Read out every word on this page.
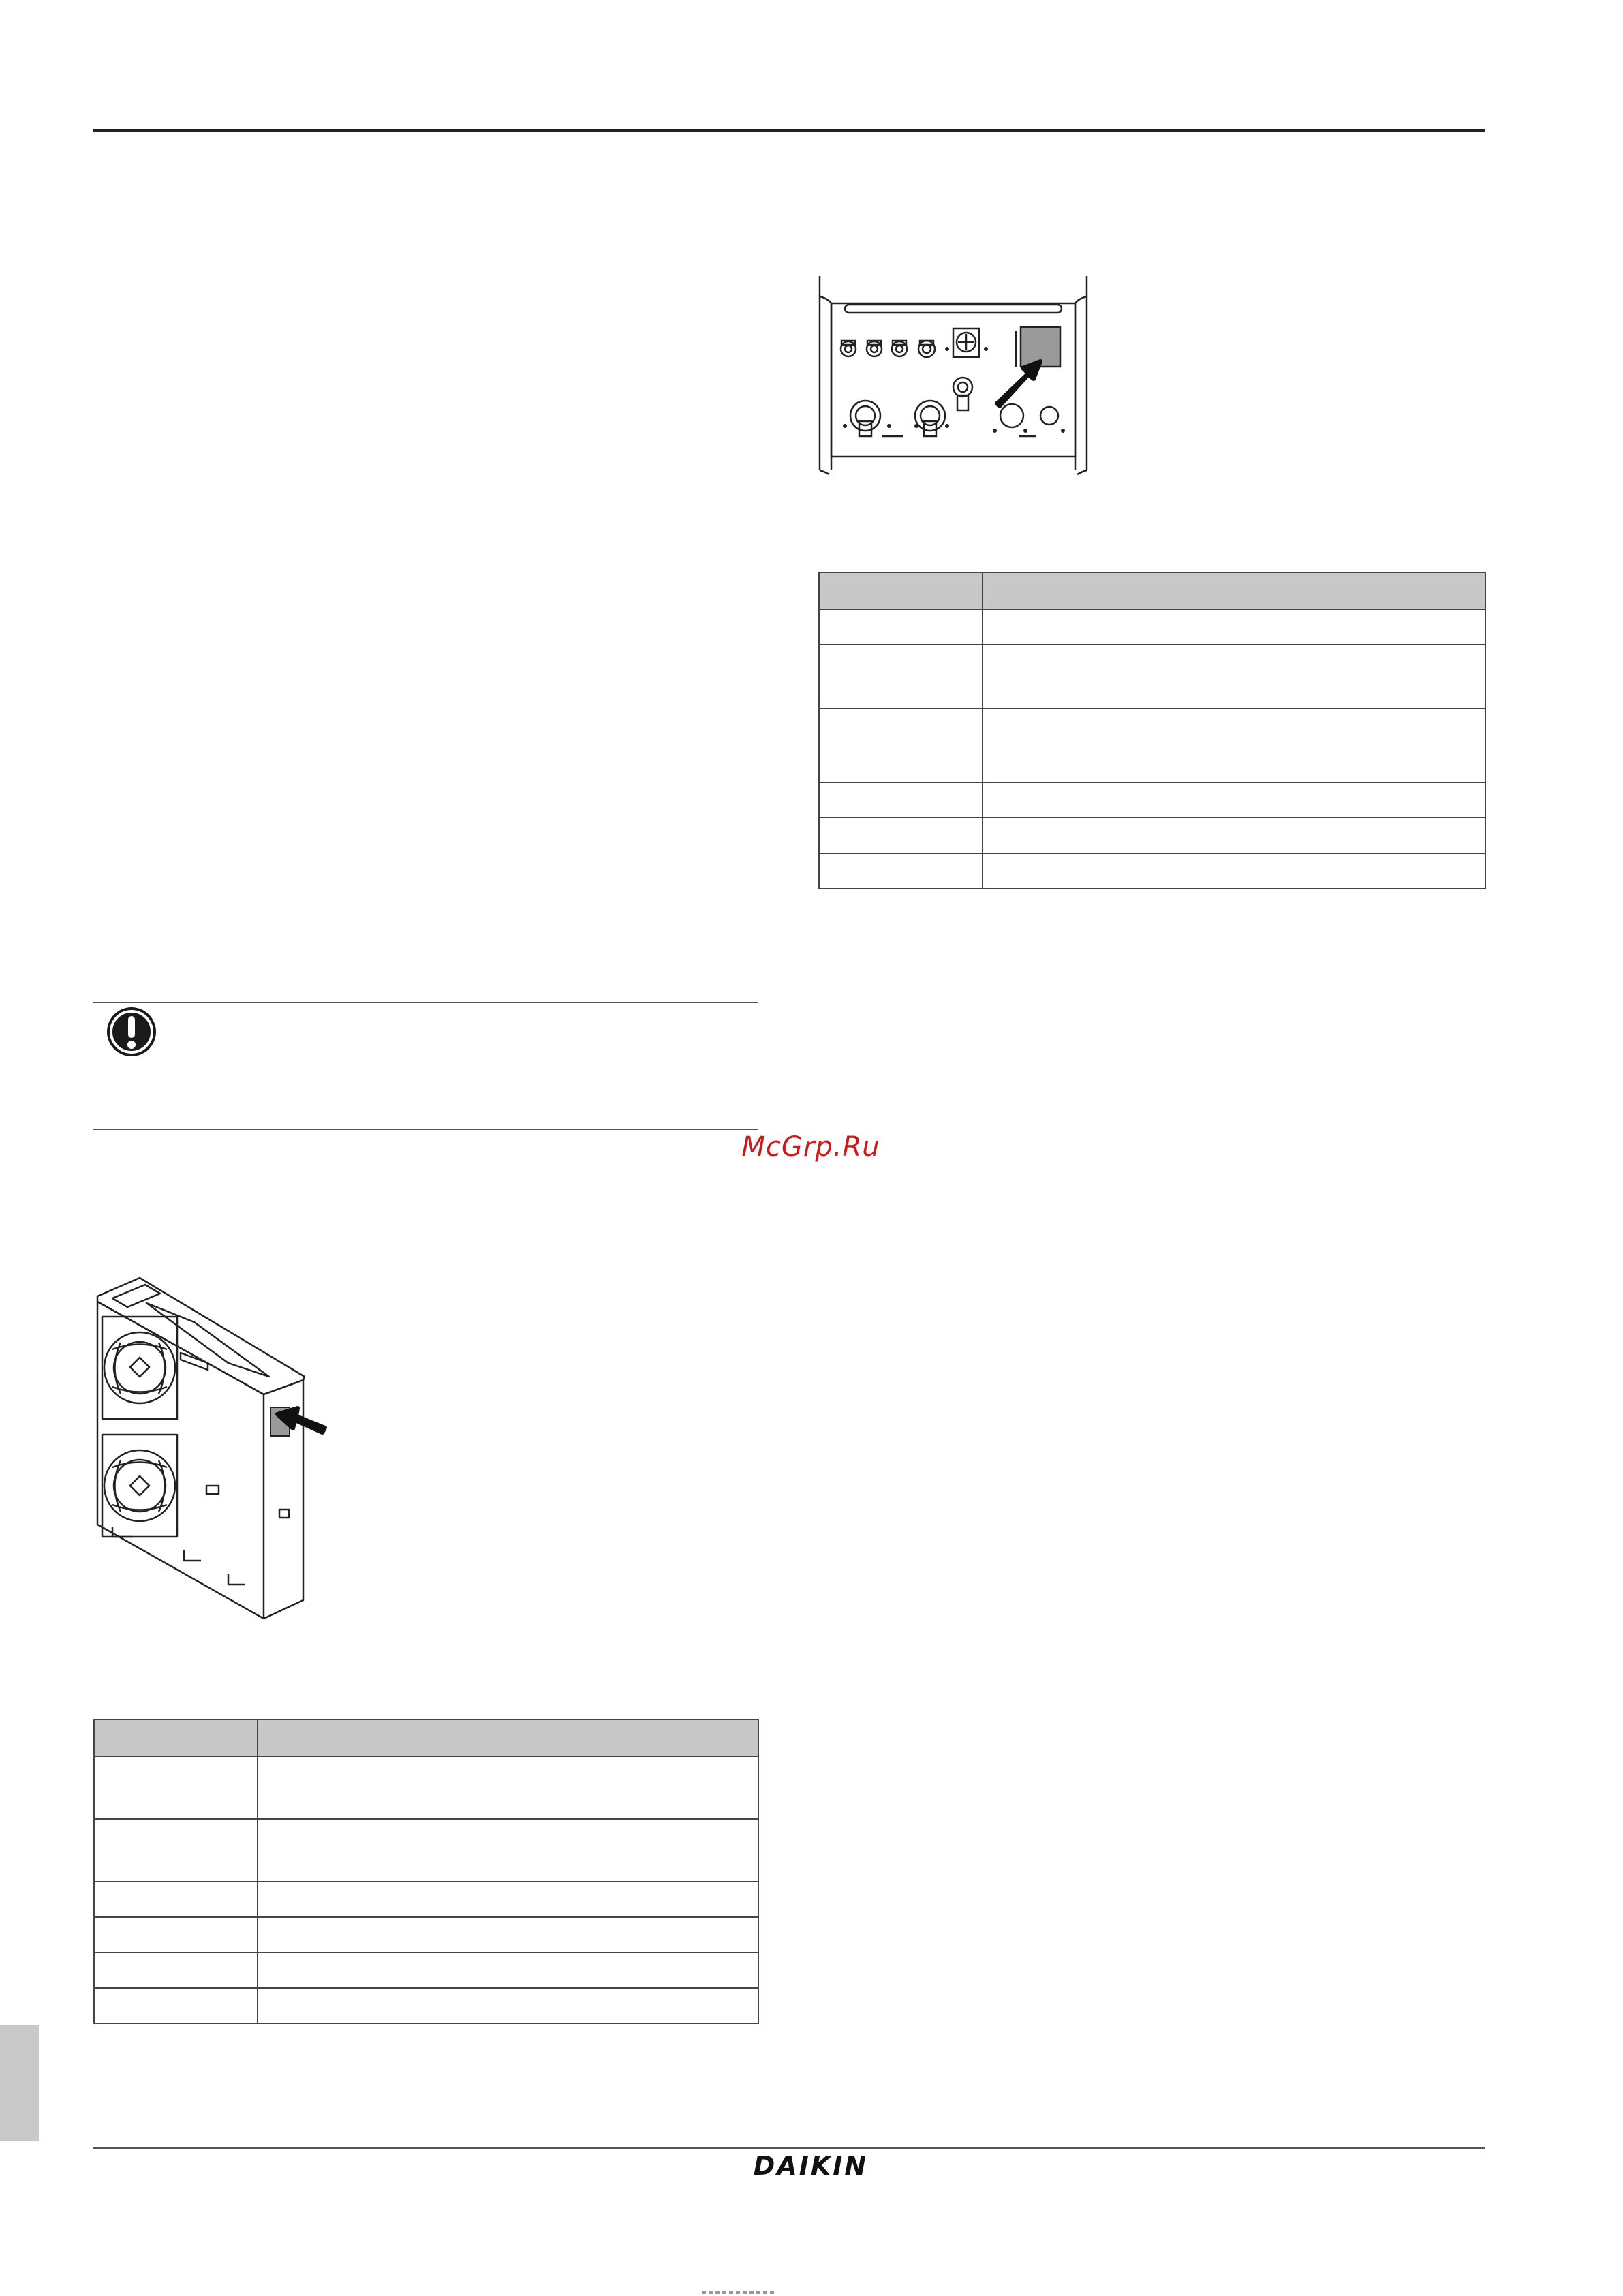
McGrp.Ru

DAIKIN
